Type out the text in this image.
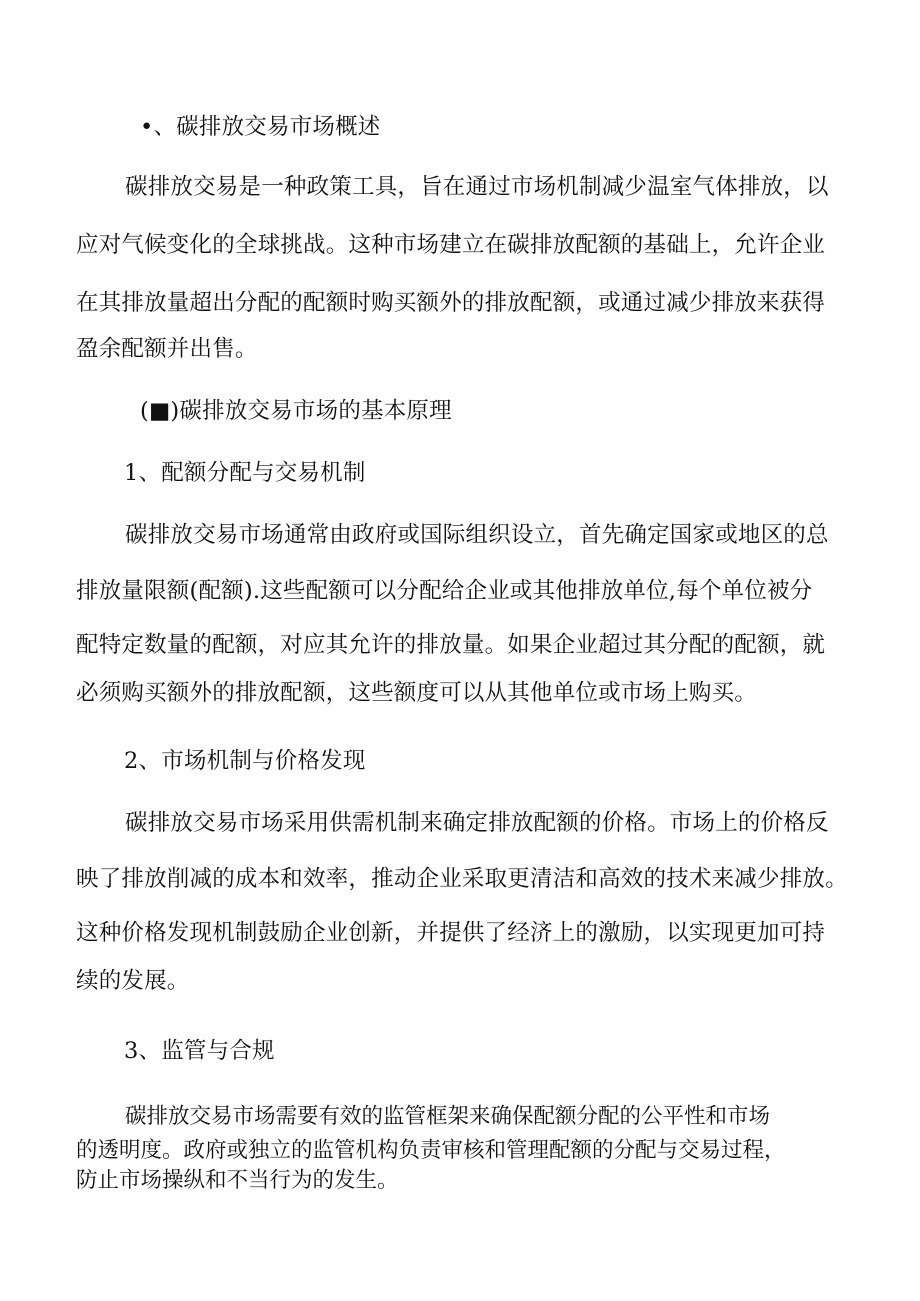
•、碳排放交易市场概述
碳排放交易是一种政策工具，旨在通过市场机制减少温室气体排放，以
应对气候变化的全球挑战。这种市场建立在碳排放配额的基础上，允许企业
在其排放量超出分配的配额时购买额外的排放配额，或通过减少排放来获得
盈余配额并出售。
(■)碳排放交易市场的基本原理
1、配额分配与交易机制
碳排放交易市场通常由政府或国际组织设立，首先确定国家或地区的总
排放量限额(配额).这些配额可以分配给企业或其他排放单位,每个单位被分
配特定数量的配额，对应其允许的排放量。如果企业超过其分配的配额，就
必须购买额外的排放配额，这些额度可以从其他单位或市场上购买。
2、市场机制与价格发现
碳排放交易市场采用供需机制来确定排放配额的价格。市场上的价格反
映了排放削减的成本和效率，推动企业采取更清洁和高效的技术来减少排放。
这种价格发现机制鼓励企业创新，并提供了经济上的激励，以实现更加可持
续的发展。
3、监管与合规
碳排放交易市场需要有效的监管框架来确保配额分配的公平性和市场
的透明度。政府或独立的监管机构负责审核和管理配额的分配与交易过程，
防止市场操纵和不当行为的发生。
